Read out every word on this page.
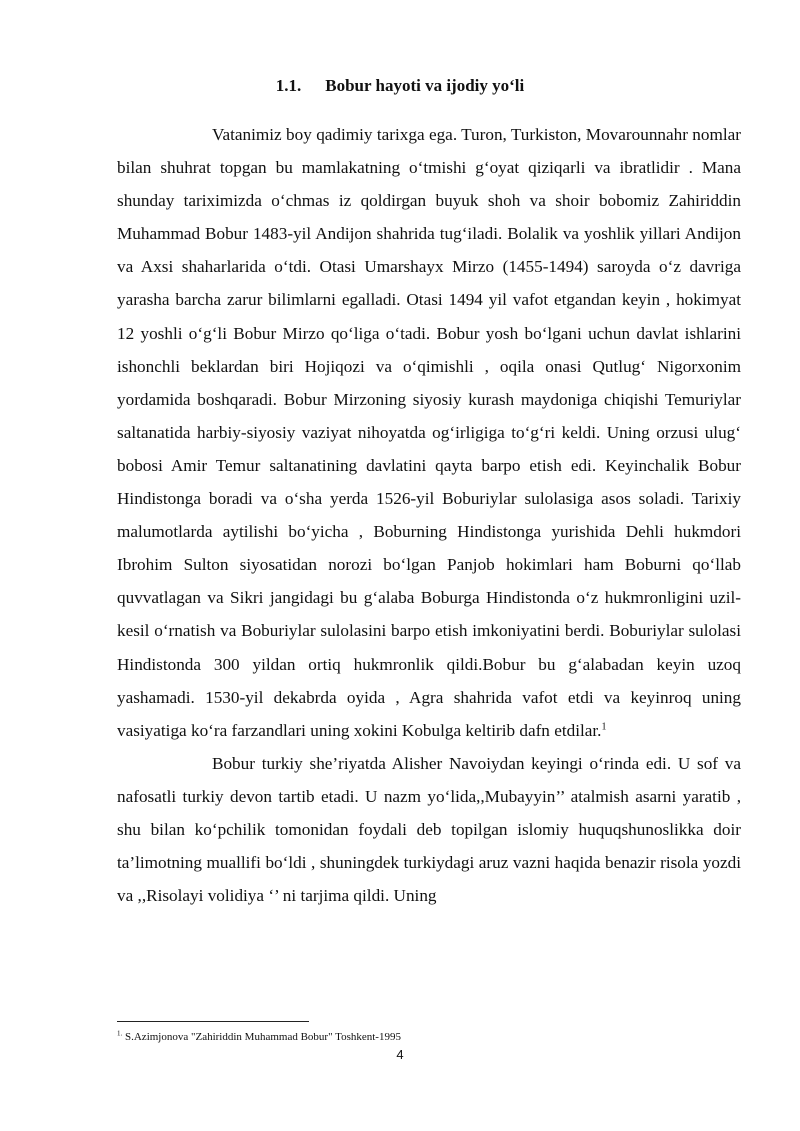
1.1. Bobur hayoti va ijodiy yo‘li

Vatanimiz boy qadimiy tarixga ega. Turon, Turkiston, Movarounnahr nomlar bilan shuhrat topgan bu mamlakatning o‘tmishi g‘oyat qiziqarli va ibratlidir . Mana shunday tariximizda o‘chmas iz qoldirgan buyuk shoh va shoir bobomiz Zahiriddin Muhammad Bobur 1483-yil Andijon shahrida tug‘iladi. Bolalik va yoshlik yillari Andijon va Axsi shaharlarida o‘tdi. Otasi Umarshayx Mirzo (1455-1494) saroyda o‘z davriga yarasha barcha zarur bilimlarni egalladi. Otasi 1494 yil vafot etgandan keyin , hokimyat 12 yoshli o‘g‘li Bobur Mirzo qo‘liga o‘tadi. Bobur yosh bo‘lgani uchun davlat ishlarini ishonchli beklardan biri Hojiqozi va o‘qimishli , oqila onasi Qutlug‘ Nigorxonim yordamida boshqaradi. Bobur Mirzoning siyosiy kurash maydoniga chiqishi Temuriylar saltanatida harbiy-siyosiy vaziyat nihoyatda og‘irligiga to‘g‘ri keldi. Uning orzusi ulug‘ bobosi Amir Temur saltanatining davlatini qayta barpo etish edi. Keyinchalik Bobur Hindistonga boradi va o‘sha yerda 1526-yil Boburiylar sulolasiga asos soladi. Tarixiy malumotlarda aytilishi bo‘yicha , Boburning Hindistonga yurishida Dehli hukmdori Ibrohim Sulton siyosatidan norozi bo‘lgan Panjob hokimlari ham Boburni qo‘llab quvvatlagan va Sikri jangidagi bu g‘alaba Boburga Hindistonda o‘z hukmronligini uzil-kesil o‘rnatish va Boburiylar sulolasini barpo etish imkoniyatini berdi. Boburiylar sulolasi Hindistonda 300 yildan ortiq hukmronlik qildi.Bobur bu g‘alabadan keyin uzoq yashamadi. 1530-yil dekabrda oyida , Agra shahrida vafot etdi va keyinroq uning vasiyatiga ko‘ra farzandlari uning xokini Kobulga keltirib dafn etdilar.$^1$

Bobur turkiy she’riyatda Alisher Navoiydan keyingi o‘rinda edi. U sof va nafosatli turkiy devon tartib etadi. U nazm yo‘lida,,Mubayyin’’ atalmish asarni yaratib , shu bilan ko‘pchilik tomonidan foydali deb topilgan islomiy huquqshunoslikka doir ta’limotning muallifi bo‘ldi , shuningdek turkiydagi aruz vazni haqida benazir risola yozdi va ,,Risolayi volidiya ‘’ ni tarjima qildi. Uning

$^{1.}$ S.Azimjonova "Zahiriddin Muhammad Bobur" Toshkent-1995
4
